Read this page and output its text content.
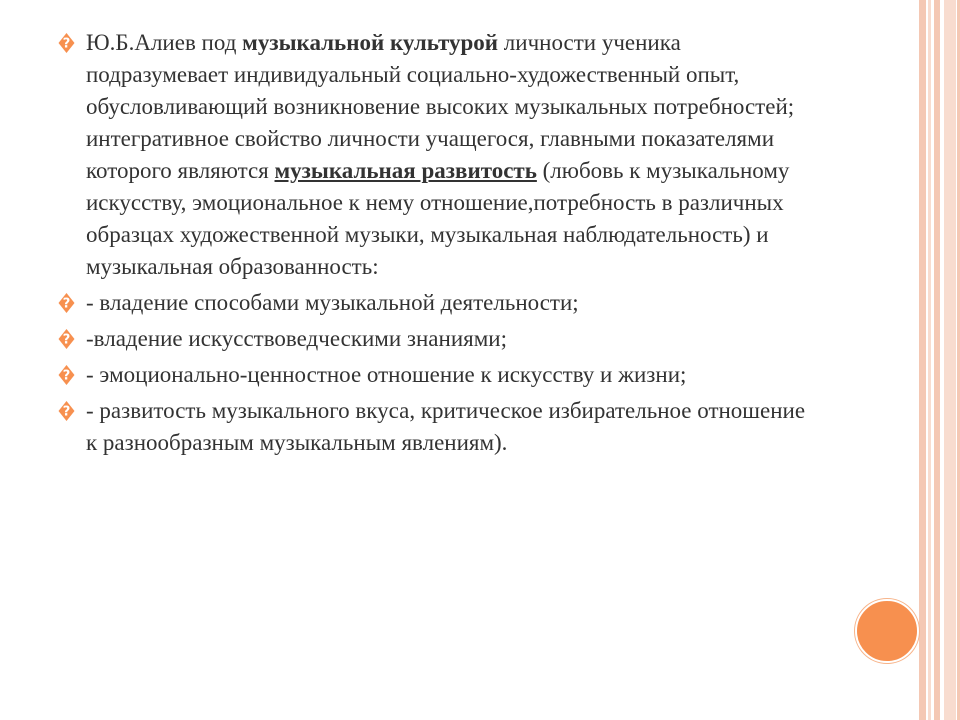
? Ю.Б.Алиев под музыкальной культурой личности ученика подразумевает индивидуальный социально-художественный опыт, обусловливающий возникновение высоких музыкальных потребностей; интегративное свойство личности учащегося, главными показателями которого являются музыкальная развитость (любовь к музыкальному искусству, эмоциональное к нему отношение,потребность в различных образцах художественной музыки, музыкальная наблюдательность) и музыкальная образованность:
? - владение способами музыкальной деятельности;
? -владение искусствоведческими знаниями;
? - эмоционально-ценностное отношение к искусству и жизни;
? - развитость музыкального вкуса, критическое избирательное отношение к разнообразным музыкальным явлениям).
